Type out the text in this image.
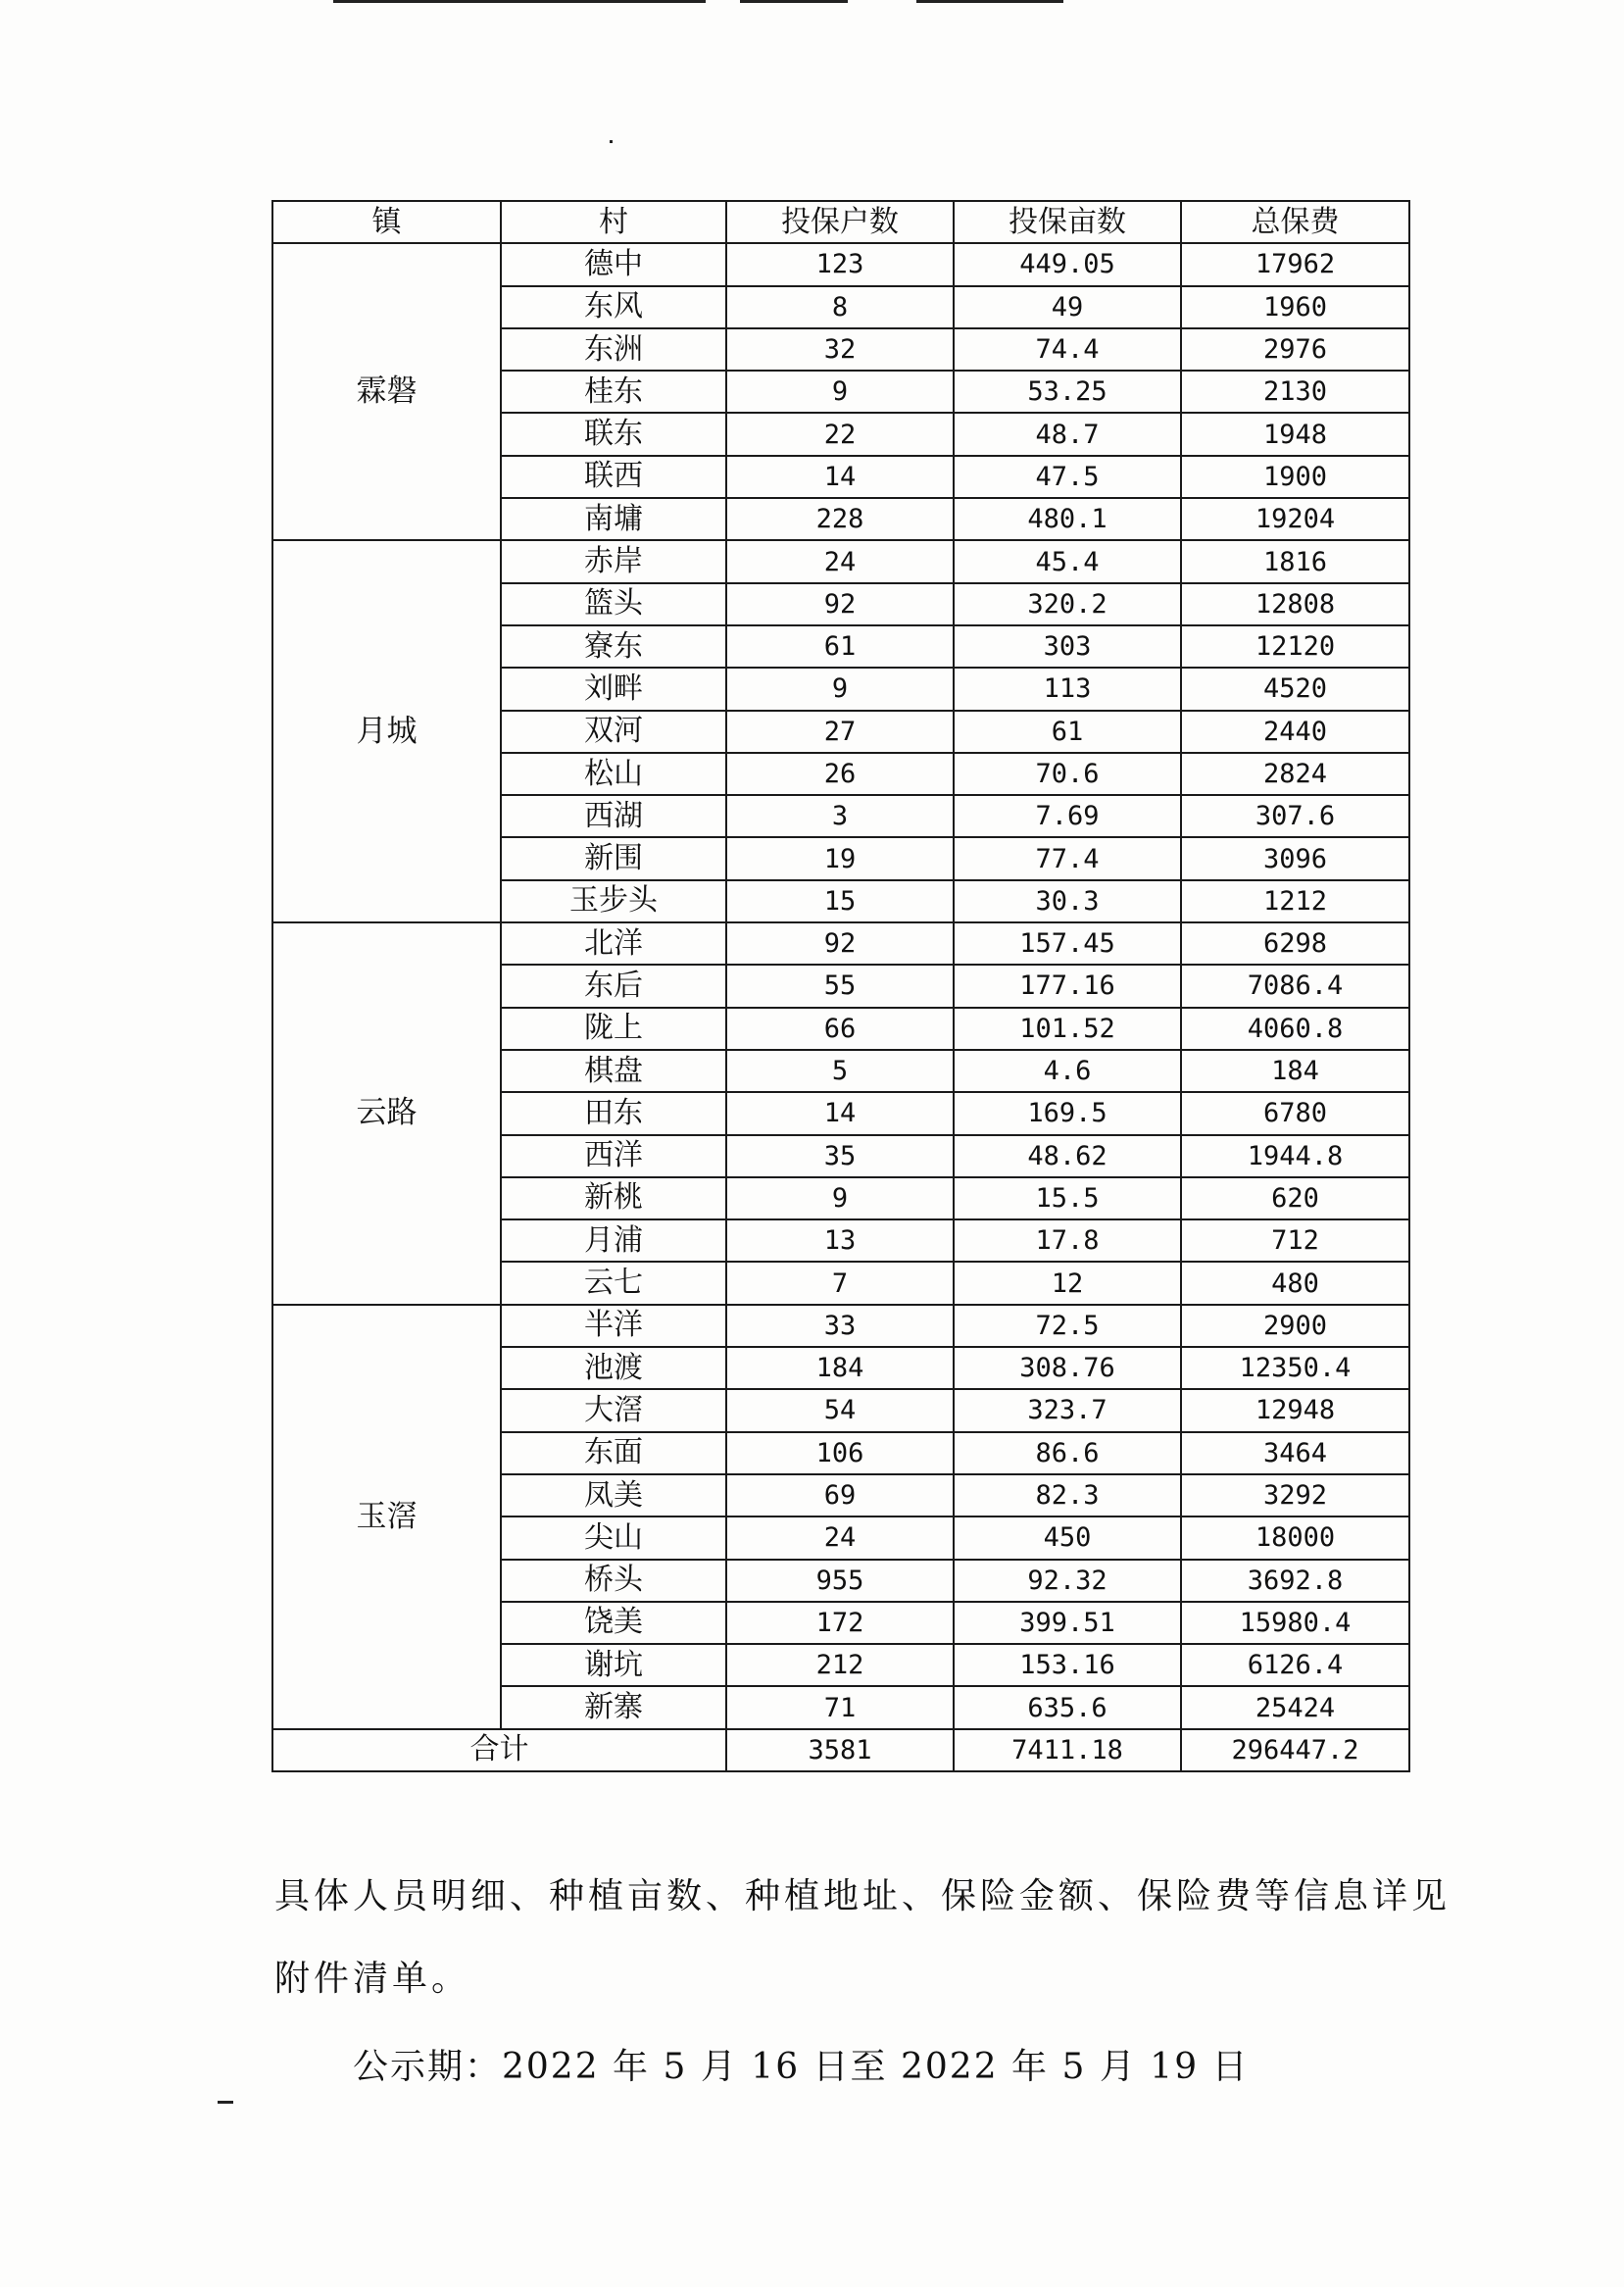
镇	村	投保户数	投保亩数	总保费
霖磐	德中	123	449.05	17962
	东风	8	49	1960
	东洲	32	74.4	2976
	桂东	9	53.25	2130
	联东	22	48.7	1948
	联西	14	47.5	1900
	南墉	228	480.1	19204
月城	赤岸	24	45.4	1816
	篮头	92	320.2	12808
	寮东	61	303	12120
	刘畔	9	113	4520
	双河	27	61	2440
	松山	26	70.6	2824
	西湖	3	7.69	307.6
	新围	19	77.4	3096
	玉步头	15	30.3	1212
云路	北洋	92	157.45	6298
	东后	55	177.16	7086.4
	陇上	66	101.52	4060.8
	棋盘	5	4.6	184
	田东	14	169.5	6780
	西洋	35	48.62	1944.8
	新桃	9	15.5	620
	月浦	13	17.8	712
	云七	7	12	480
玉滘	半洋	33	72.5	2900
	池渡	184	308.76	12350.4
	大滘	54	323.7	12948
	东面	106	86.6	3464
	凤美	69	82.3	3292
	尖山	24	450	18000
	桥头	955	92.32	3692.8
	饶美	172	399.51	15980.4
	谢坑	212	153.16	6126.4
	新寨	71	635.6	25424
合计		3581	7411.18	296447.2
具体人员明细、种植亩数、种植地址、保险金额、保险费等信息详见
附件清单。
公示期：2022 年 5 月 16 日至 2022 年 5 月 19 日
